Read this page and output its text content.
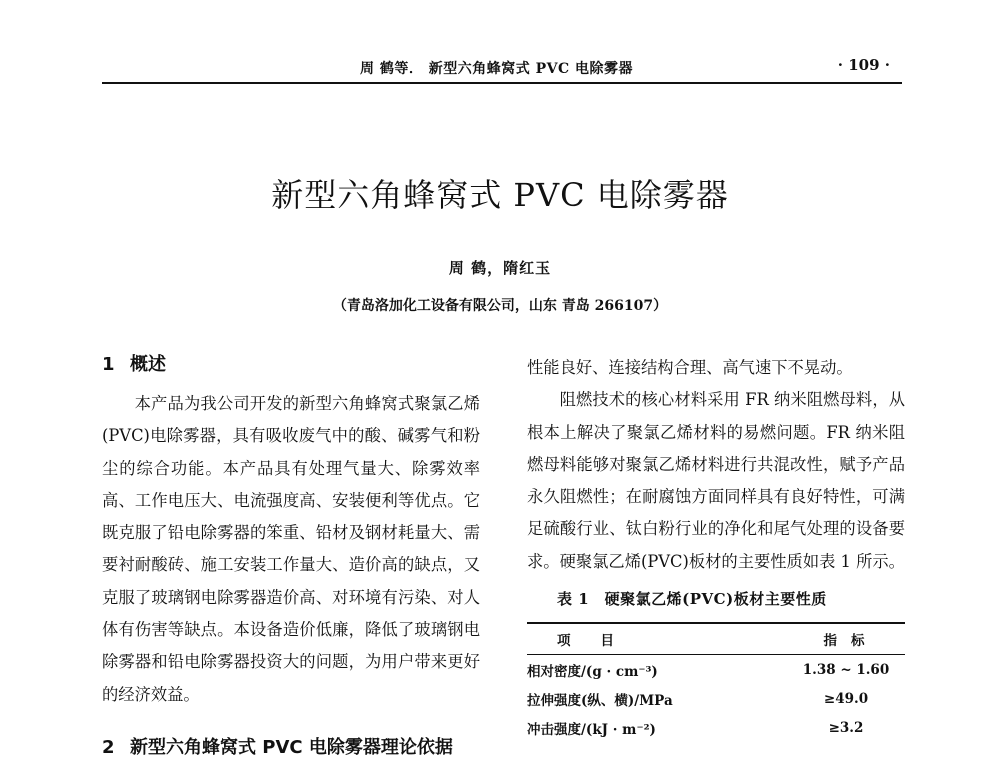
周 鹤等． 新型六角蜂窝式 PVC 电除雾器	· 109 ·
新型六角蜂窝式 PVC 电除雾器
周 鹤，隋红玉
（青岛洛加化工设备有限公司，山东 青岛 266107）
1 概述

本产品为我公司开发的新型六角蜂窝式聚氯乙烯(PVC)电除雾器，具有吸收废气中的酸、碱雾气和粉尘的综合功能。本产品具有处理气量大、除雾效率高、工作电压大、电流强度高、安装便利等优点。它既克服了铅电除雾器的笨重、铅材及钢材耗量大、需要衬耐酸砖、施工安装工作量大、造价高的缺点，又克服了玻璃钢电除雾器造价高、对环境有污染、对人体有伤害等缺点。本设备造价低廉，降低了玻璃钢电除雾器和铅电除雾器投资大的问题，为用户带来更好的经济效益。

2 新型六角蜂窝式 PVC 电除雾器理论依据

性能良好、连接结构合理、高气速下不晃动。

阻燃技术的核心材料采用 FR 纳米阻燃母料，从根本上解决了聚氯乙烯材料的易燃问题。FR 纳米阻燃母料能够对聚氯乙烯材料进行共混改性，赋予产品永久阻燃性；在耐腐蚀方面同样具有良好特性，可满足硫酸行业、钛白粉行业的净化和尾气处理的设备要求。硬聚氯乙烯(PVC)板材的主要性质如表 1 所示。

表 1　硬聚氯乙烯(PVC)板材主要性质
项目	指标
相对密度/(g · cm⁻³)	1.38 ~ 1.60
拉伸强度(纵、横)/MPa	≥49.0
冲击强度/(kJ · m⁻²)	≥3.2
